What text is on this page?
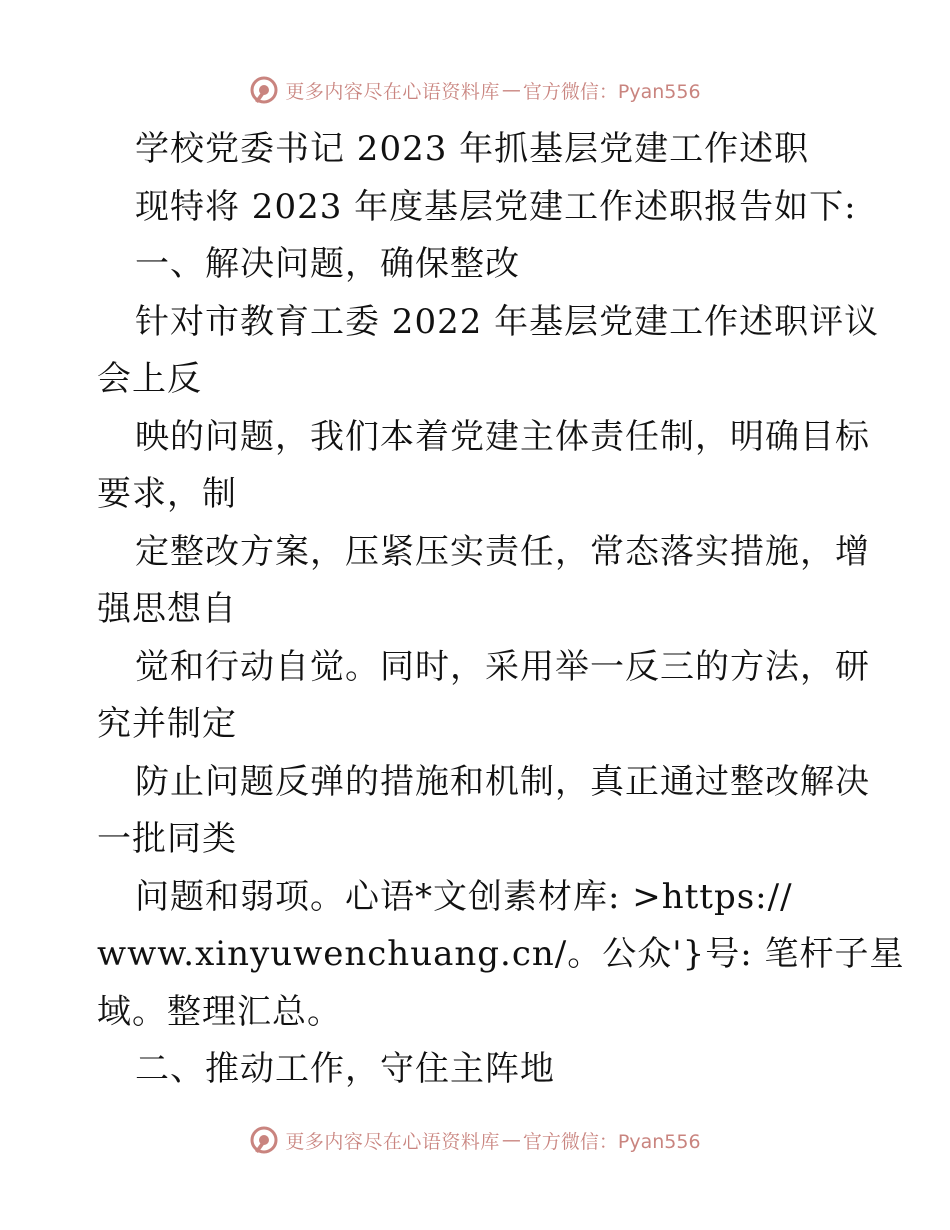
更多内容尽在心语资料库 — 官方微信：Pyan556
学校党委书记 2023 年抓基层党建工作述职
现特将 2023 年度基层党建工作述职报告如下:
一、解决问题，确保整改
针对市教育工委 2022 年基层党建工作述职评议
会上反
映的问题，我们本着党建主体责任制，明确目标
要求，制
定整改方案，压紧压实责任，常态落实措施，增
强思想自
觉和行动自觉。同时，采用举一反三的方法，研
究并制定
防止问题反弹的措施和机制，真正通过整改解决
一批同类
问题和弱项。心语*文创素材库: >https://
www.xinyuwenchuang.cn/。公众'}号: 笔杆子星
域。整理汇总。
二、推动工作，守住主阵地
更多内容尽在心语资料库 — 官方微信：Pyan556
